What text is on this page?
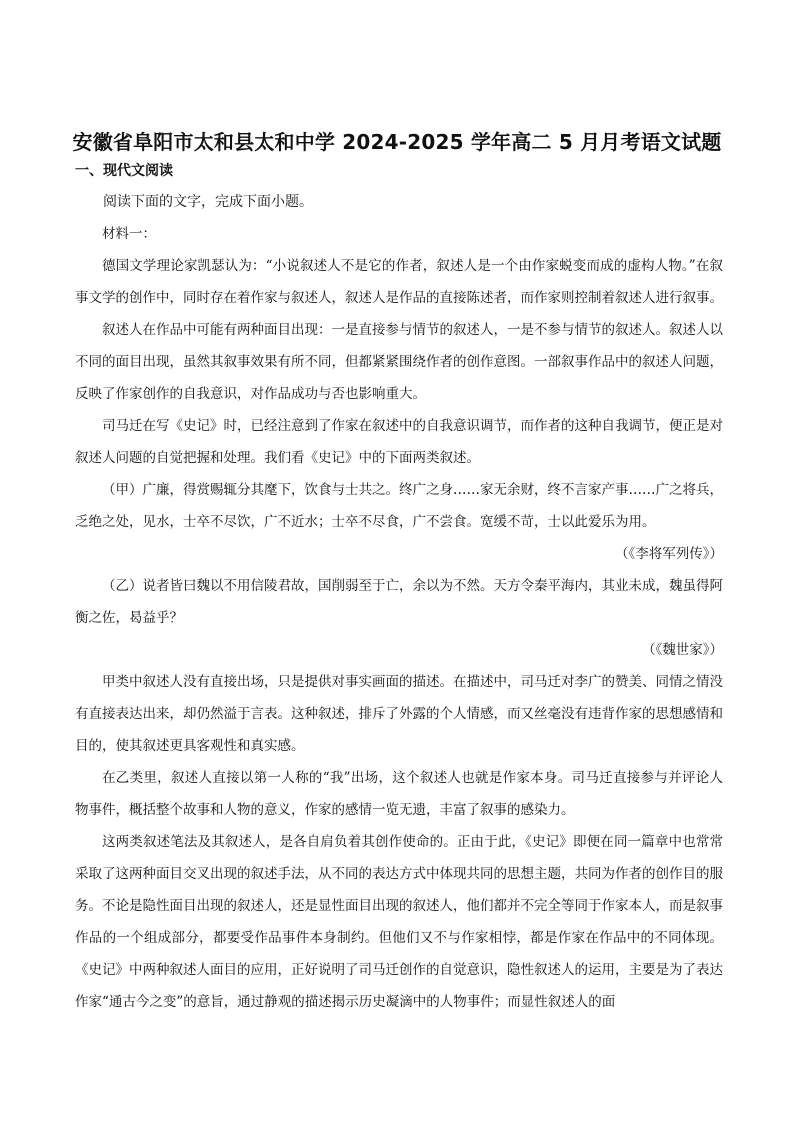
安徽省阜阳市太和县太和中学 2024-2025 学年高二 5 月月考语文试题
一、现代文阅读

阅读下面的文字，完成下面小题。

材料一：

德国文学理论家凯瑟认为：“小说叙述人不是它的作者，叙述人是一个由作家蜕变而成的虚构人物。”在叙事文学的创作中，同时存在着作家与叙述人，叙述人是作品的直接陈述者，而作家则控制着叙述人进行叙事。

叙述人在作品中可能有两种面目出现：一是直接参与情节的叙述人，一是不参与情节的叙述人。叙述人以不同的面目出现，虽然其叙事效果有所不同，但都紧紧围绕作者的创作意图。一部叙事作品中的叙述人问题，反映了作家创作的自我意识，对作品成功与否也影响重大。

司马迁在写《史记》时，已经注意到了作家在叙述中的自我意识调节，而作者的这种自我调节，便正是对叙述人问题的自觉把握和处理。我们看《史记》中的下面两类叙述。

（甲）广廉，得赏赐辄分其麾下，饮食与士共之。终广之身……家无余财，终不言家产事……广之将兵，乏绝之处，见水，士卒不尽饮，广不近水；士卒不尽食，广不尝食。宽缓不苛，士以此爱乐为用。

（《李将军列传》）

（乙）说者皆曰魏以不用信陵君故，国削弱至于亡，余以为不然。天方令秦平海内，其业未成，魏虽得阿衡之佐，曷益乎？

（《魏世家》）

甲类中叙述人没有直接出场，只是提供对事实画面的描述。在描述中，司马迁对李广的赞美、同情之情没有直接表达出来，却仍然溢于言表。这种叙述，排斥了外露的个人情感，而又丝毫没有违背作家的思想感情和目的，使其叙述更具客观性和真实感。

在乙类里，叙述人直接以第一人称的“我”出场，这个叙述人也就是作家本身。司马迁直接参与并评论人物事件，概括整个故事和人物的意义，作家的感情一览无遗，丰富了叙事的感染力。

这两类叙述笔法及其叙述人，是各自肩负着其创作使命的。正由于此，《史记》即便在同一篇章中也常常采取了这两种面目交叉出现的叙述手法，从不同的表达方式中体现共同的思想主题，共同为作者的创作目的服务。不论是隐性面目出现的叙述人，还是显性面目出现的叙述人，他们都并不完全等同于作家本人，而是叙事作品的一个组成部分，都要受作品事件本身制约。但他们又不与作家相悖，都是作家在作品中的不同体现。《史记》中两种叙述人面目的应用，正好说明了司马迁创作的自觉意识，隐性叙述人的运用，主要是为了表达作家“通古今之变”的意旨，通过静观的描述揭示历史凝滴中的人物事件；而显性叙述人的面
